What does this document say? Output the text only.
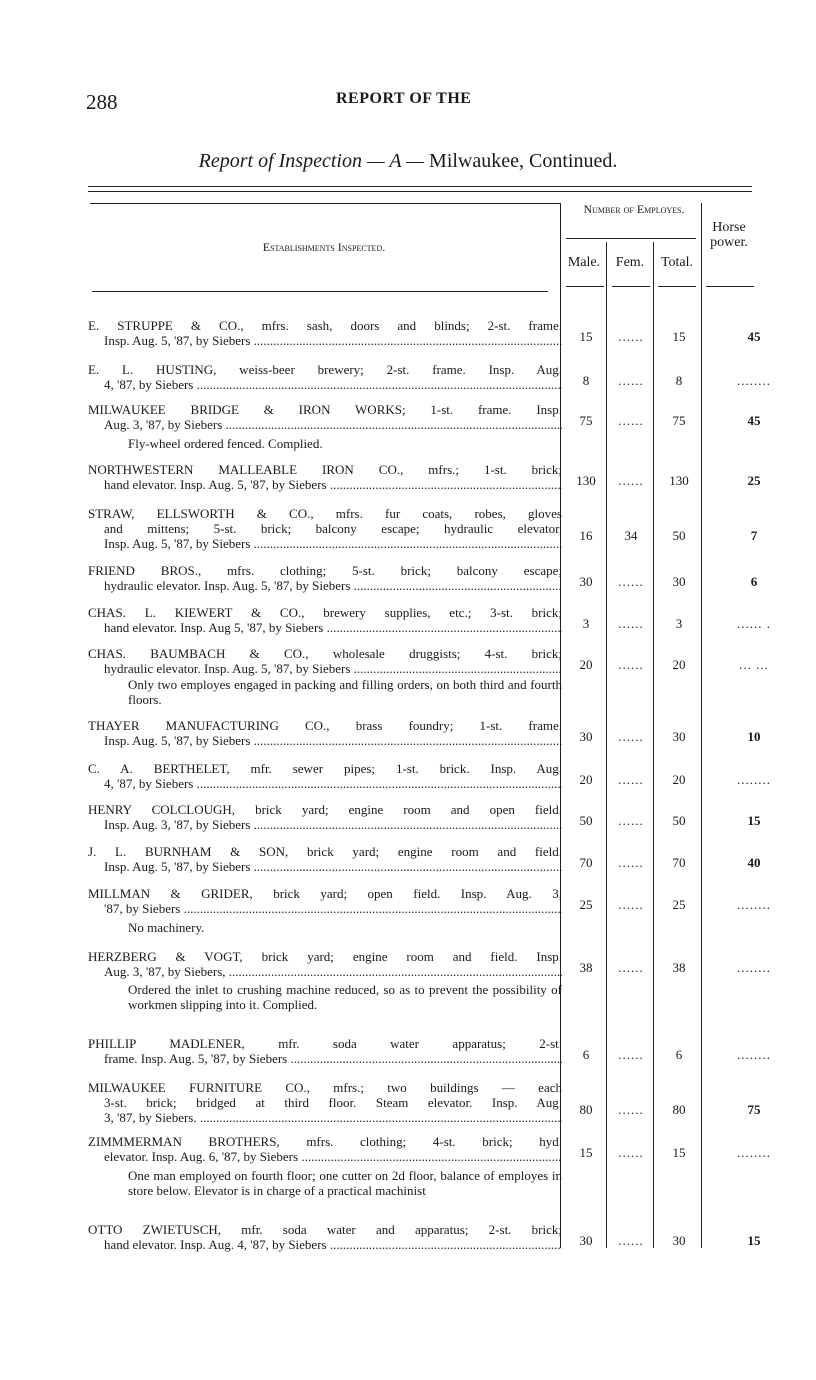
288	REPORT OF THE
Report of Inspection — A — Milwaukee, Continued.
Establishments Inspected.
Number of Employes.
Horse power.
Male.	Fem.	Total.
E. STRUPPE & CO., mfrs. sash, doors and blinds; 2-st. frame.
Insp. Aug. 5, '87, by Siebers .....	15	......	15	45
E. L. HUSTING, weiss-beer brewery; 2-st. frame. Insp. Aug.
4, '87, by Siebers .....	8	......	8	........
MILWAUKEE BRIDGE & IRON WORKS; 1-st. frame. Insp.
Aug. 3, '87, by Siebers .....	75	......	75	45
Fly-wheel ordered fenced. Complied.
NORTHWESTERN MALLEABLE IRON CO., mfrs.; 1-st. brick;
hand elevator. Insp. Aug. 5, '87, by Siebers .....	130	......	130	25
STRAW, ELLSWORTH & CO., mfrs. fur coats, robes, gloves
and mittens; 5-st. brick; balcony escape; hydraulic elevator.
Insp. Aug. 5, '87, by Siebers .....
16	34	50	7
FRIEND BROS., mfrs. clothing; 5-st. brick; balcony escape;
hydraulic elevator. Insp. Aug. 5, '87, by Siebers .....	30	......	30	6
CHAS. L. KIEWERT & CO., brewery supplies, etc.; 3-st. brick;
hand elevator. Insp. Aug 5, '87, by Siebers .....	3	......	3	...... .
CHAS. BAUMBACH & CO., wholesale druggists; 4-st. brick;
hydraulic elevator. Insp. Aug. 5, '87, by Siebers .....	20	......	20	... ...
Only two employes engaged in packing and filling orders, on both third and fourth floors.
THAYER MANUFACTURING CO., brass foundry; 1-st. frame.
Insp. Aug. 5, '87, by Siebers .....	30	......	30	10
C. A. BERTHELET, mfr. sewer pipes; 1-st. brick. Insp. Aug.
4, '87, by Siebers .....	20	......	20	........
HENRY COLCLOUGH, brick yard; engine room and open field.
Insp. Aug. 3, '87, by Siebers .....	50	......	50	15
J. L. BURNHAM & SON, brick yard; engine room and field.
Insp. Aug. 5, '87, by Siebers .....	70	......	70	40
MILLMAN & GRIDER, brick yard; open field. Insp. Aug. 3,
'87, by Siebers .....	25	......	25	........
No machinery.
HERZBERG & VOGT, brick yard; engine room and field. Insp.
Aug. 3, '87, by Siebers, .....	38	......	38	........
Ordered the inlet to crushing machine reduced, so as to prevent the possibility of workmen slipping into it. Complied.
PHILLIP MADLENER, mfr. soda water apparatus; 2-st.
frame. Insp. Aug. 5, '87, by Siebers .....	6	......	6	........
MILWAUKEE FURNITURE CO., mfrs.; two buildings — each
3-st. brick; bridged at third floor. Steam elevator. Insp. Aug.
3, '87, by Siebers. .....
80	......	80	75
ZIMMMERMAN BROTHERS, mfrs. clothing; 4-st. brick; hyd.
elevator. Insp. Aug. 6, '87, by Siebers .....	15	......	15	........
One man employed on fourth floor; one cutter on 2d floor, balance of employes in store below. Elevator is in charge of a practical machinist
OTTO ZWIETUSCH, mfr. soda water and apparatus; 2-st. brick;
hand elevator. Insp. Aug. 4, '87, by Siebers .....	30	......	30	15
